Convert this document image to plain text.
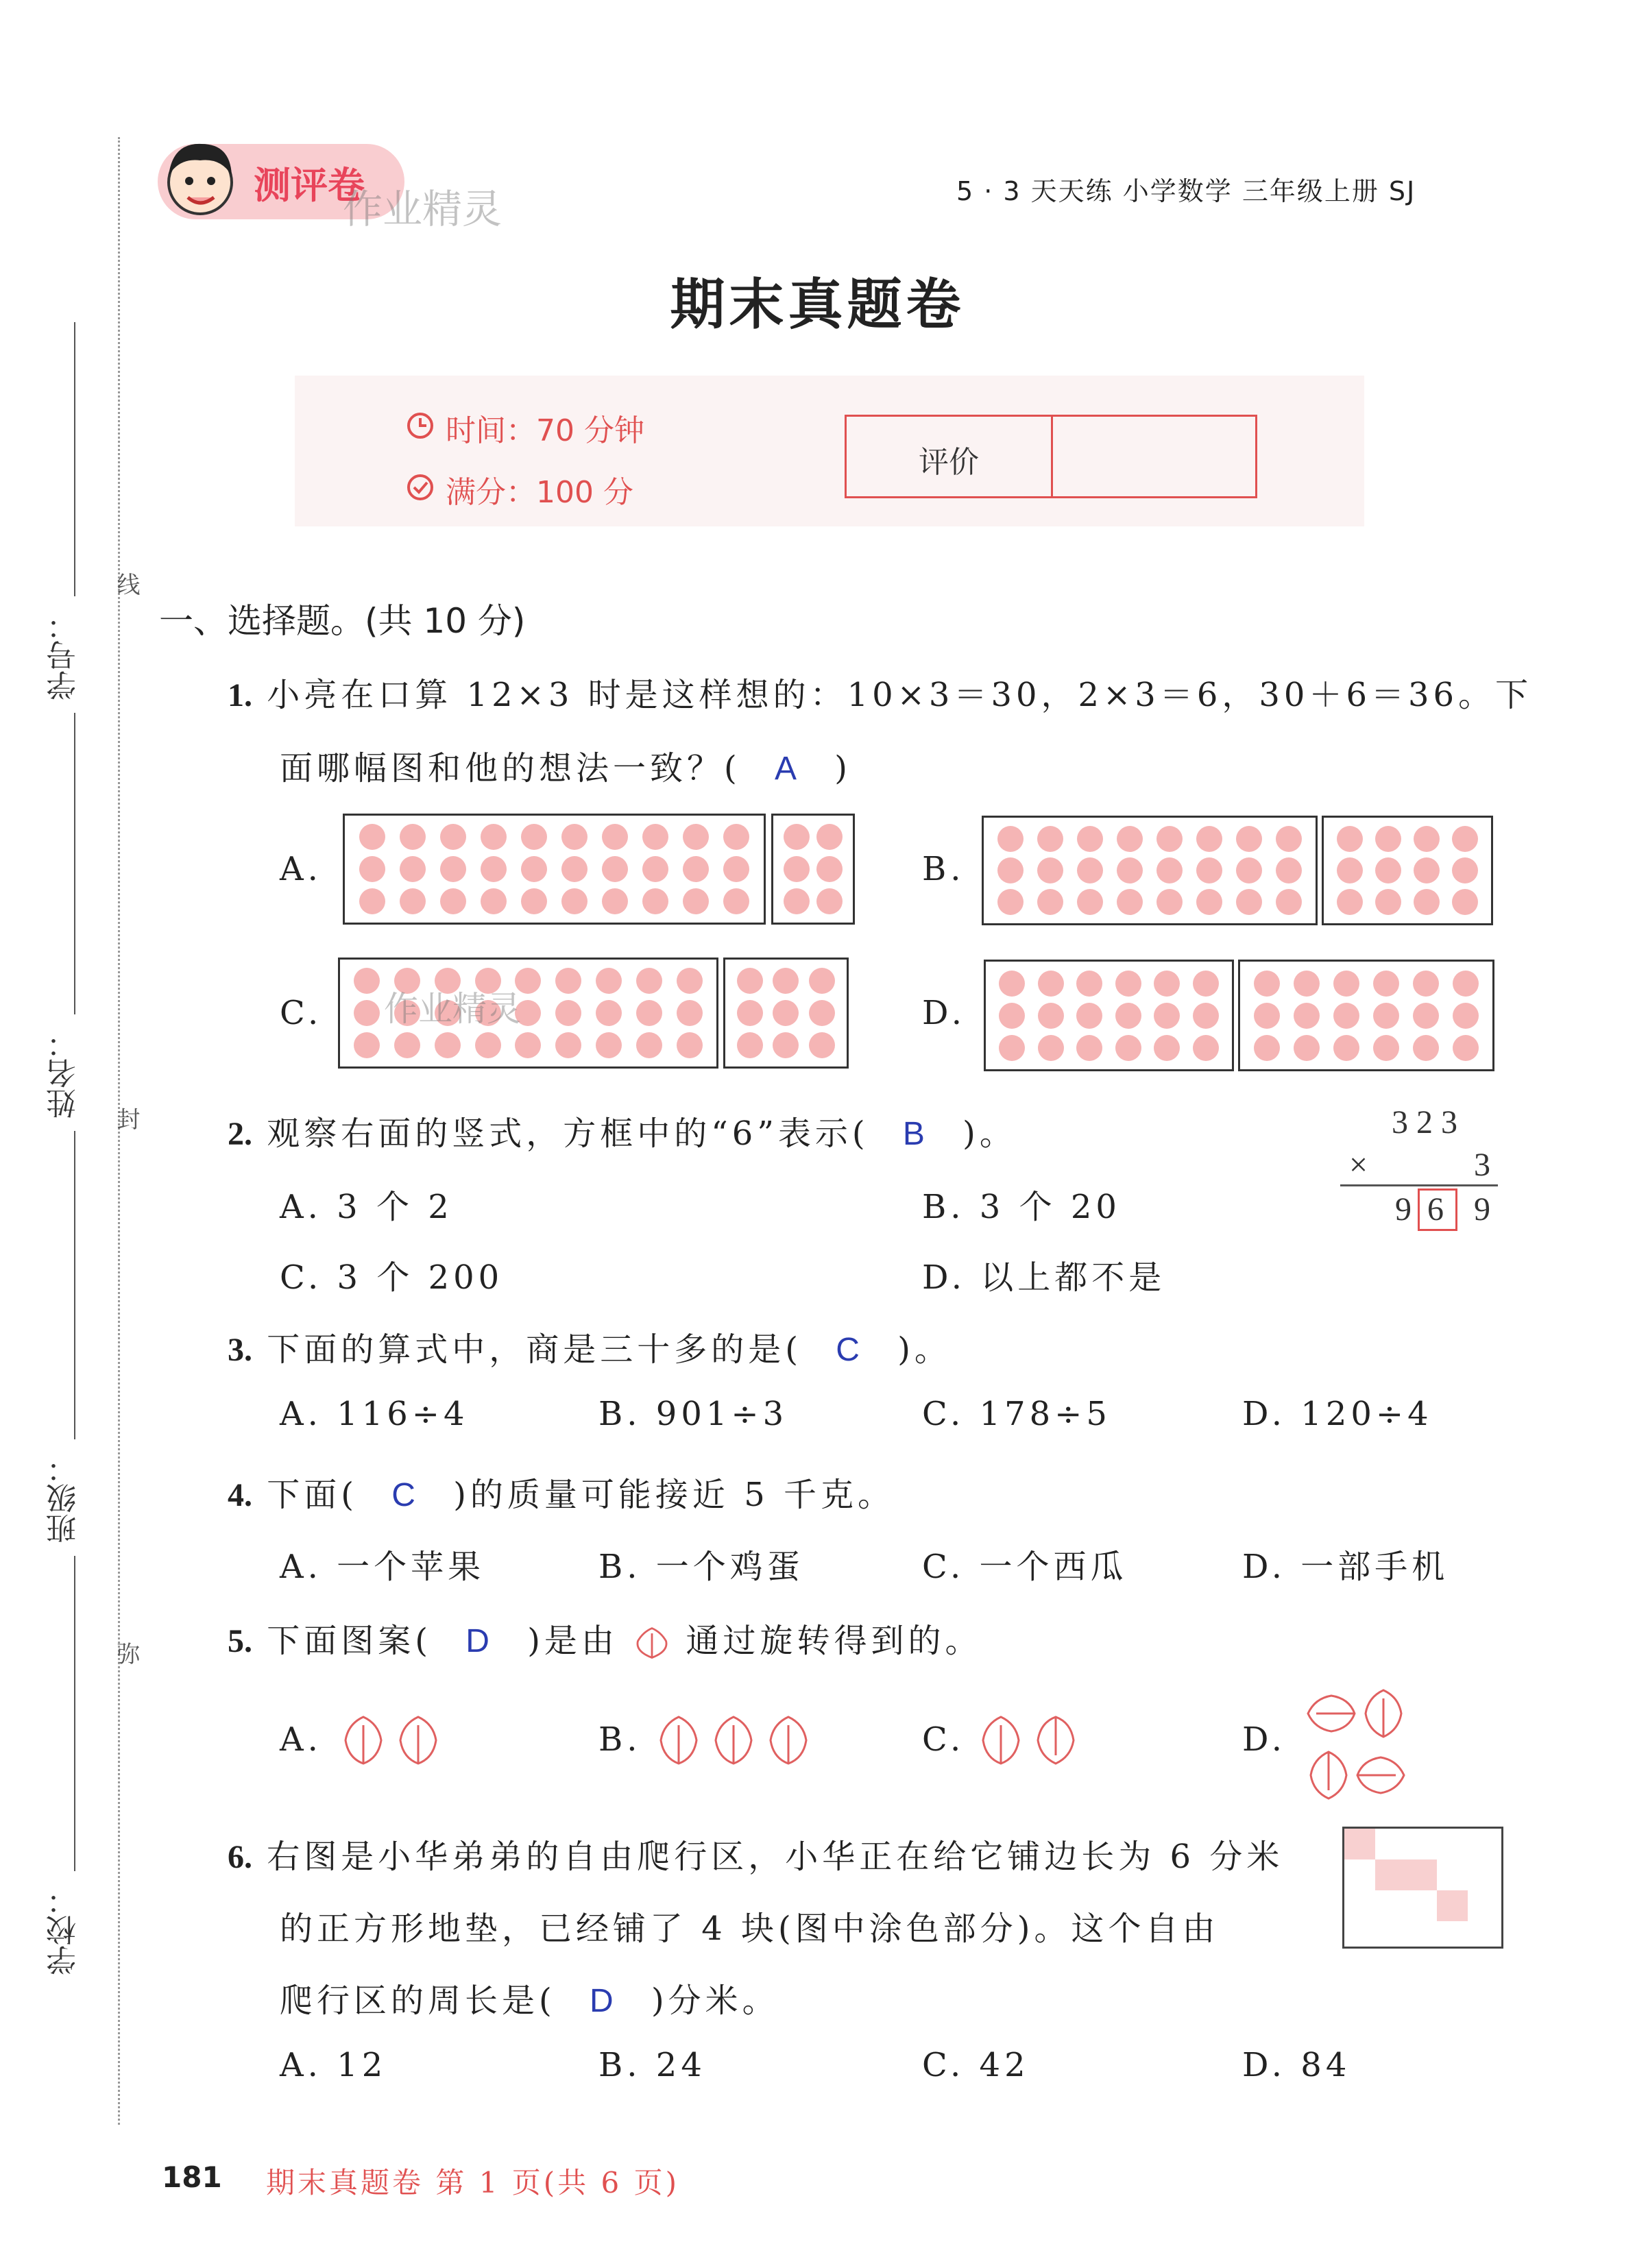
学号：
姓名：
班级：
学校：
线
封
弥
测评卷
作业精灵	5 · 3 天天练 小学数学 三年级上册 SJ
期末真题卷
时间：70 分钟
满分：100 分
评价
一、选择题。(共 10 分)
1. 小亮在口算 12×3 时是这样想的：10×3＝30，2×3＝6，30＋6＝36。下
面哪幅图和他的想法一致？( A )
A.	B.
C.	D.
作业精灵
2. 观察右面的竖式，方框中的“6”表示( B )。
A. 3 个 2	B. 3 个 20
C. 3 个 200	D. 以上都不是
3 2 3
×	3
9 6 9
3. 下面的算式中，商是三十多的是( C )。
A. 116÷4	B. 901÷3	C. 178÷5	D. 120÷4
4. 下面( C )的质量可能接近 5 千克。
A. 一个苹果	B. 一个鸡蛋	C. 一个西瓜	D. 一部手机
5. 下面图案( D )是由 通过旋转得到的。
A.	B.	C.	D.
6. 右图是小华弟弟的自由爬行区，小华正在给它铺边长为 6 分米
的正方形地垫，已经铺了 4 块(图中涂色部分)。这个自由
爬行区的周长是( D )分米。
A. 12	B. 24	C. 42	D. 84
181 期末真题卷 第 1 页(共 6 页)
